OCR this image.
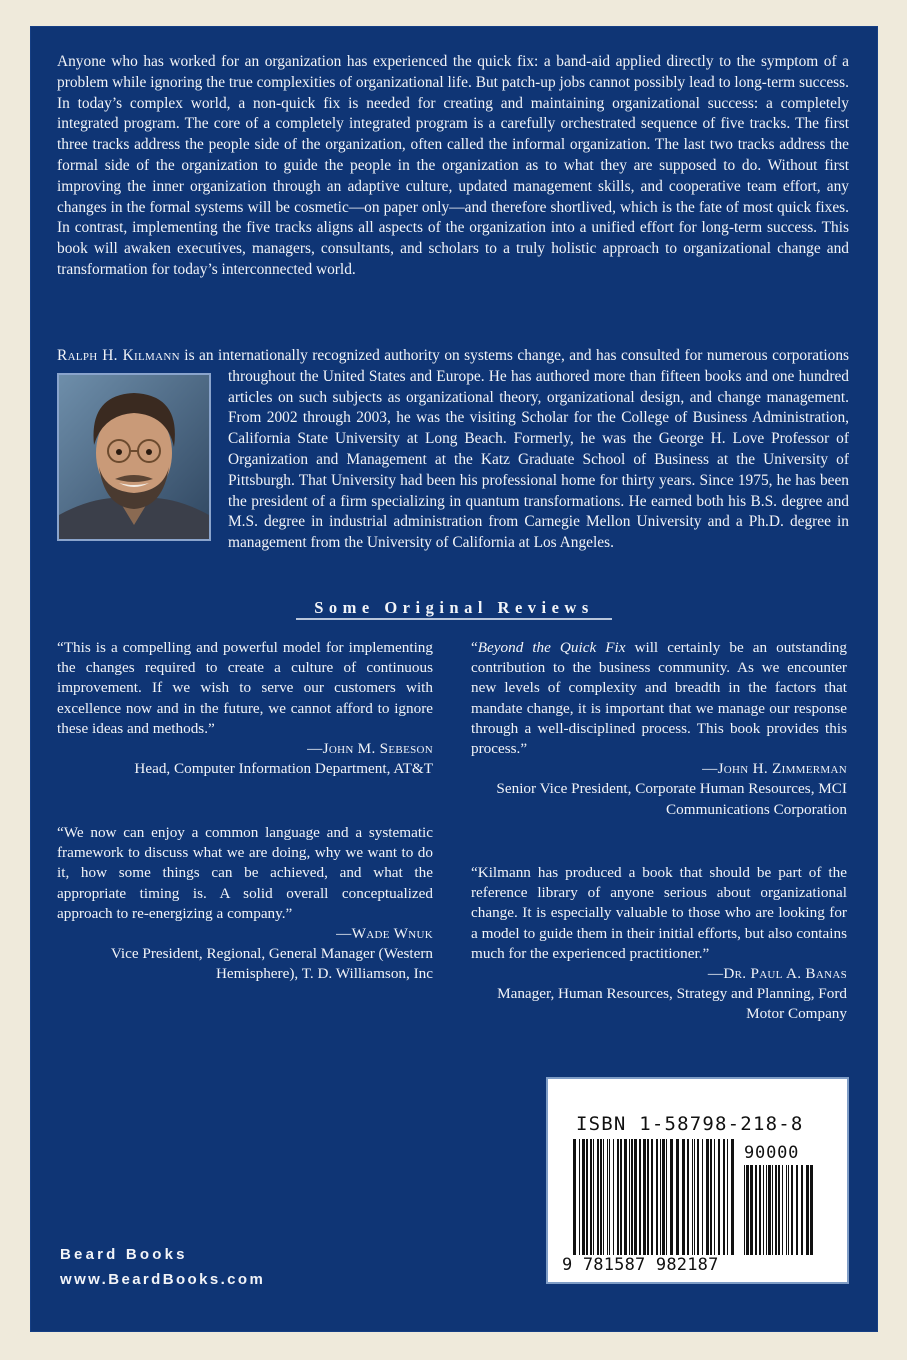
Anyone who has worked for an organization has experienced the quick fix: a band-aid applied directly to the symptom of a problem while ignoring the true complexities of organizational life. But patch-up jobs cannot possibly lead to long-term success. In today’s complex world, a non-quick fix is needed for creating and maintaining organizational success: a completely integrated program. The core of a completely integrated program is a carefully orchestrated sequence of five tracks. The first three tracks address the people side of the organization, often called the informal organization. The last two tracks address the formal side of the organization to guide the people in the organization as to what they are supposed to do. Without first improving the inner organization through an adaptive culture, updated management skills, and cooperative team effort, any changes in the formal systems will be cosmetic—on paper only—and therefore shortlived, which is the fate of most quick fixes. In contrast, implementing the five tracks aligns all aspects of the organization into a unified effort for long-term success. This book will awaken executives, managers, consultants, and scholars to a truly holistic approach to organizational change and transformation for today’s interconnected world.

Ralph H. Kilmann is an internationally recognized authority on systems change, and has consulted for numerous corporations throughout the United States and Europe. He has authored more than fifteen books and one
hundred articles on such subjects as organizational theory, organizational design, and change management. From 2002 through 2003, he was the visiting Scholar for the College of Business Administration, California State University at Long Beach. Formerly, he was the George H. Love Professor of Organization and Management at the Katz Graduate School of Business at the University of Pittsburgh. That University had been his professional home for thirty years. Since 1975, he has been the president of a firm specializing in quantum transformations. He earned both his B.S. degree and M.S. degree in industrial administration from Carnegie Mellon University and a Ph.D. degree in management from the University of California at Los Angeles.
Some Original Reviews

“This is a compelling and powerful model for implementing the changes required to create a culture of continuous improvement. If we wish to serve our customers with excellence now and in the future, we cannot afford to ignore these ideas and methods.”

—John M. Sebeson

Head, Computer Information Department, AT&T

“Beyond the Quick Fix will certainly be an outstanding contribution to the business community. As we encounter new levels of complexity and breadth in the factors that mandate change, it is important that we manage our response through a well-disciplined process. This book provides this process.”

—John H. Zimmerman

Senior Vice President, Corporate Human Resources, MCI Communications Corporation

“We now can enjoy a common language and a systematic framework to discuss what we are doing, why we want to do it, how some things can be achieved, and what the appropriate timing is. A solid overall conceptualized approach to re-energizing a company.”

—Wade Wnuk

Vice President, Regional, General Manager (Western Hemisphere), T. D. Williamson, Inc

“Kilmann has produced a book that should be part of the reference library of anyone serious about organizational change. It is especially valuable to those who are looking for a model to guide them in their initial efforts, but also contains much for the experienced practitioner.”

—Dr. Paul A. Banas

Manager, Human Resources, Strategy and Planning, Ford Motor Company

Beard Books
www.BeardBooks.com
ISBN 1-58798-218-8
90000
9 781587 982187
